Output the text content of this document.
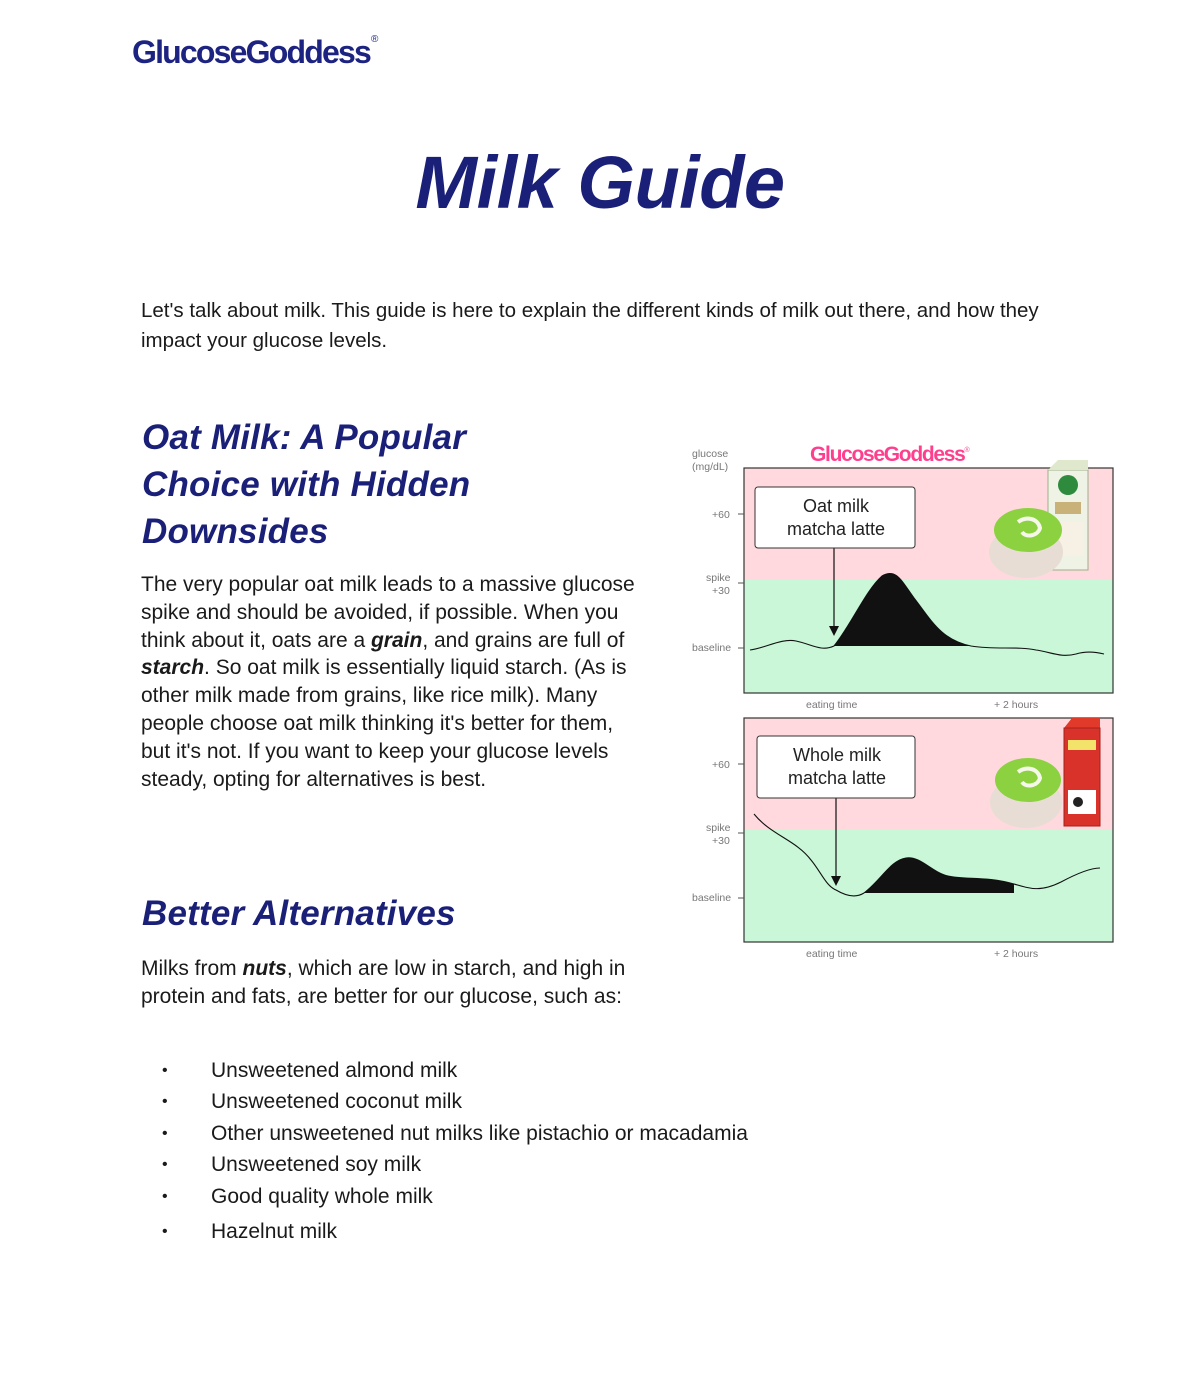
GlucoseGoddess®
Milk Guide

Let's talk about milk. This guide is here to explain the different kinds of milk out there, and how they impact your glucose levels.

Oat Milk: A Popular Choice with Hidden Downsides

The very popular oat milk leads to a massive glucose spike and should be avoided, if possible. When you think about it, oats are a grain, and grains are full of starch. So oat milk is essentially liquid starch. (As is other milk made from grains, like rice milk). Many people choose oat milk thinking it's better for them, but it's not. If you want to keep your glucose levels steady, opting for alternatives is best.

Better Alternatives

Milks from nuts, which are low in starch, and high in protein and fats, are better for our glucose, such as:

• Unsweetened almond milk
• Unsweetened coconut milk
• Other unsweetened nut milks like pistachio or macadamia
• Unsweetened soy milk
• Good quality whole milk
• Hazelnut milk
GlucoseGoddess®
glucose
(mg/dL)
+60
spike
+30
baseline
eating time	+ 2 hours
Oat milk
matcha latte
+60
spike
+30
baseline
eating time	+ 2 hours
Whole milk
matcha latte
